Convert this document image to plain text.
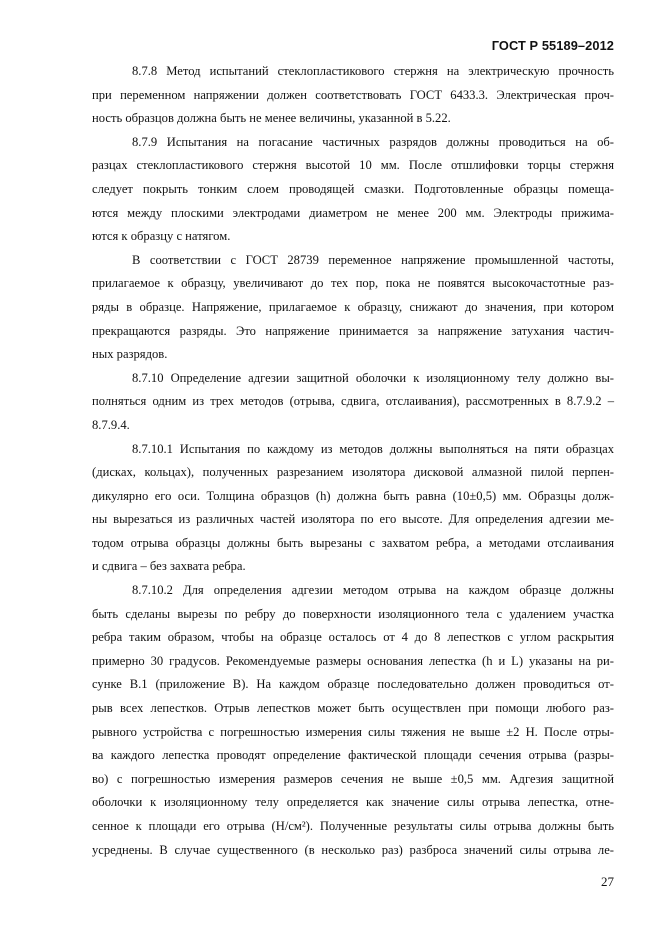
ГОСТ Р 55189–2012
8.7.8 Метод испытаний стеклопластикового стержня на электрическую прочность
при переменном напряжении должен соответствовать ГОСТ 6433.3. Электрическая проч-
ность образцов должна быть не менее величины, указанной в 5.22.
8.7.9 Испытания на погасание частичных разрядов должны проводиться на об-
разцах стеклопластикового стержня высотой 10 мм. После отшлифовки торцы стержня
следует покрыть тонким слоем проводящей смазки. Подготовленные образцы помеща-
ются между плоскими электродами диаметром не менее 200 мм. Электроды прижима-
ются к образцу с натягом.
В соответствии с ГОСТ 28739 переменное напряжение промышленной частоты,
прилагаемое к образцу, увеличивают до тех пор, пока не появятся высокочастотные раз-
ряды в образце. Напряжение, прилагаемое к образцу, снижают до значения, при котором
прекращаются разряды. Это напряжение принимается за напряжение затухания частич-
ных разрядов.
8.7.10 Определение адгезии защитной оболочки к изоляционному телу должно вы-
полняться одним из трех методов (отрыва, сдвига, отслаивания), рассмотренных в 8.7.9.2 –
8.7.9.4.
8.7.10.1 Испытания по каждому из методов должны выполняться на пяти образцах
(дисках, кольцах), полученных разрезанием изолятора дисковой алмазной пилой перпен-
дикулярно его оси. Толщина образцов (h) должна быть равна (10±0,5) мм. Образцы долж-
ны вырезаться из различных частей изолятора по его высоте. Для определения адгезии ме-
тодом отрыва образцы должны быть вырезаны с захватом ребра, а методами отслаивания
и сдвига – без захвата ребра.
8.7.10.2 Для определения адгезии методом отрыва на каждом образце должны
быть сделаны вырезы по ребру до поверхности изоляционного тела с удалением участка
ребра таким образом, чтобы на образце осталось от 4 до 8 лепестков с углом раскрытия
примерно 30 градусов. Рекомендуемые размеры основания лепестка (h и L) указаны на ри-
сунке В.1 (приложение В). На каждом образце последовательно должен проводиться от-
рыв всех лепестков. Отрыв лепестков может быть осуществлен при помощи любого раз-
рывного устройства с погрешностью измерения силы тяжения не выше ±2 Н. После отры-
ва каждого лепестка проводят определение фактической площади сечения отрыва (разры-
во) с погрешностью измерения размеров сечения не выше ±0,5 мм. Адгезия защитной
оболочки к изоляционному телу определяется как значение силы отрыва лепестка, отне-
сенное к площади его отрыва (Н/см²). Полученные результаты силы отрыва должны быть
усреднены. В случае существенного (в несколько раз) разброса значений силы отрыва ле-
27
